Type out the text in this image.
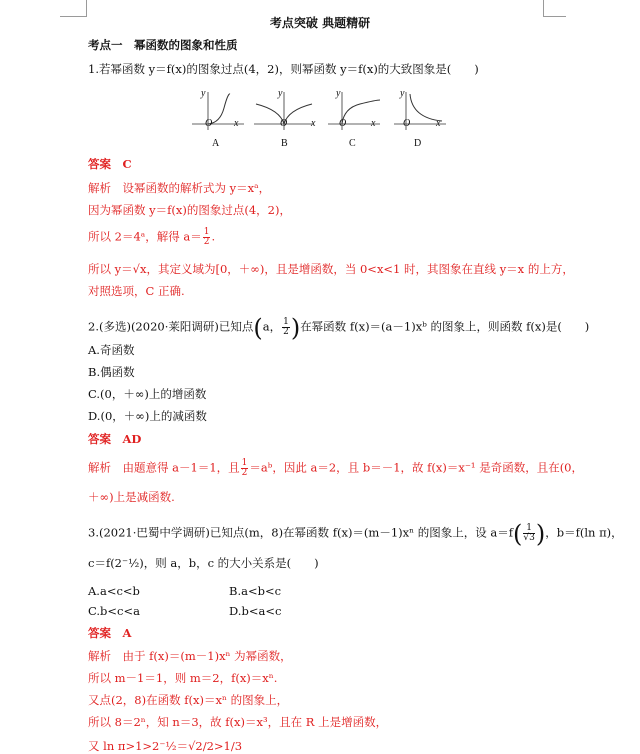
考点突破 典题精研
考点一　幂函数的图象和性质
1.若幂函数 y＝f(x)的图象过点(4，2)，则幂函数 y＝f(x)的大致图象是(　　)
O x
y
O x
y
O x
y
O	x
y
A	B	C	D
答案　C
解析　设幂函数的解析式为 y＝xᵃ，
因为幂函数 y＝f(x)的图象过点(4，2)，
所以 2＝4ᵃ，解得 $a= \frac{1}{2}$ .
所以 y＝√x，其定义域为[0，＋∞)，且是增函数，当 0<x<1 时，其图象在直线 y＝x 的上方，
对照选项，C 正确.
2.(多选)(2020·莱阳调研)已知点(a， $\frac{1}{2}$ )在幂函数 f(x)＝(a－1)xᵇ 的图象上，则函数 f(x)是(　　)
A.奇函数
B.偶函数
C.(0，＋∞)上的增函数
D.(0，＋∞)上的减函数
答案　AD
解析　由题意得 a－1＝1，且 $\frac{1}{2}$ ＝aᵇ，因此 a＝2，且 b＝－1，故 f(x)＝x⁻¹ 是奇函数，且在(0，
＋∞)上是减函数.
3.(2021·巴蜀中学调研)已知点(m，8)在幂函数 f(x)＝(m－1)xⁿ 的图象上，设 $a=f( \frac{1}{√3}$ )，b＝f(ln π)，
c＝f(2⁻½)，则 a，b，c 的大小关系是(　　)
A.a<c<b	B.a<b<c
C.b<c<a	D.b<a<c
答案　A
解析　由于 f(x)＝(m－1)xⁿ 为幂函数，
所以 m－1＝1，则 m＝2，f(x)＝xⁿ.
又点(2，8)在函数 f(x)＝xⁿ 的图象上，
所以 8＝2ⁿ，知 n＝3，故 f(x)＝x³，且在 R 上是增函数，
又 ln π>1>2⁻½＝√2/2>1/3
